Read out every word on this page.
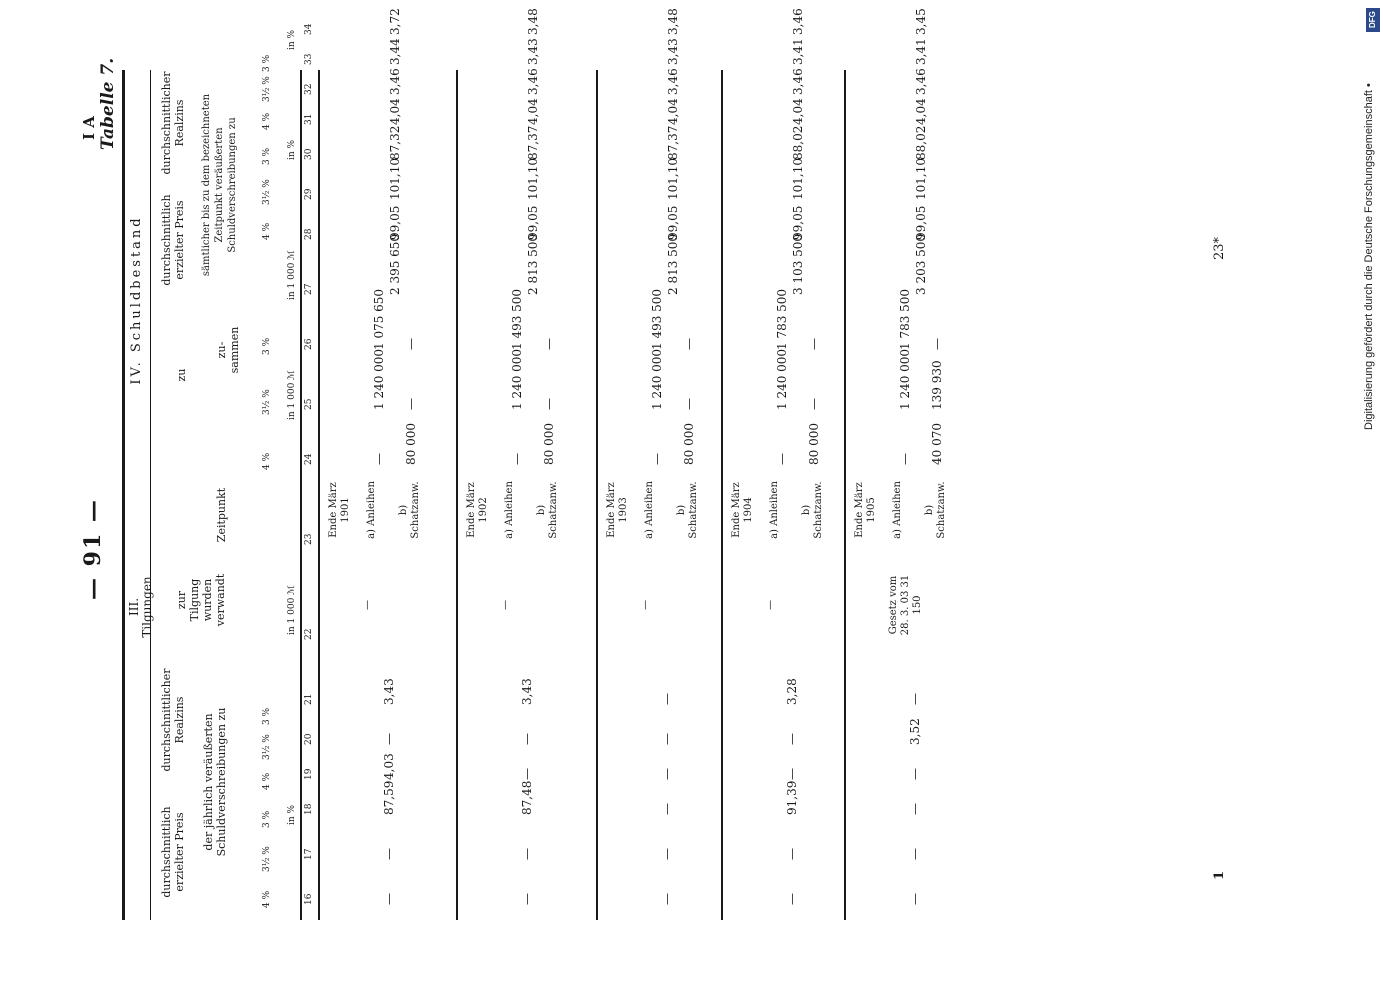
— 91 —
I A Tabelle 7.
23*
1
III. Tilgungen
IV. Schuldbestand
durchschnittlich erzielter Preis
durchschnittlicher Realzins der jährlich veräußerten Schuldverschreibungen zu
zur Tilgung wurden verwandt
Zeitpunkt
zu
zu-sammen
durchschnittlich erzielter Preis
durchschnittlicher Realzins sämtlicher bis zu dem bezeichneten Zeitpunkt veräußerten Schuldverschreibungen zu
16
17
18
19
20
21
22
23
24
25
26
27
28
29
30
31
32
33
34
in %
in 1 000 ℳ
in 1 000 ℳ
in 1 000 ℳ
in %
in %
4 %
3½ %
3 %
4 %
3½ %
3 %
4 %
3½ %
3 %
4 %
3½ %
3 %
4 %
3½ %
3 %
Ende März 1901 a) Anleihen b) Schatzanw.
—
—
87,59
4,03
—
3,43
—
—
1 240 000
1 075 650
80 000
—
—
2 395 650
99,05
101,10
87,32
4,04
3,46
3,44
3,72
Ende März 1902 a) Anleihen b) Schatzanw.
—
—
87,48
—
—
3,43
—
—
1 240 000
1 493 500
80 000
—
—
2 813 500
99,05
101,10
87,37
4,04
3,46
3,43
3,48
Ende März 1903 a) Anleihen b) Schatzanw.
—
—
—
—
—
—
—
—
1 240 000
1 493 500
80 000
—
—
2 813 500
99,05
101,10
87,37
4,04
3,46
3,43
3,48
Ende März 1904 a) Anleihen b) Schatzanw.
—
—
91,39
—
—
3,28
—
—
1 240 000
1 783 500
80 000
—
—
3 103 500
99,05
101,10
88,02
4,04
3,46
3,41
3,46
Ende März 1905 a) Anleihen b) Schatzanw.
—
—
—
—
3,52
—
Gesetz vom 28. 3. 03 31 150
—
1 240 000
1 783 500
40 070
139 930
—
3 203 500
99,05
101,10
88,02
4,04
3,46
3,41
3,45	DFG
Digitalisierung gefördert durch die Deutsche Forschungsgemeinschaft •
